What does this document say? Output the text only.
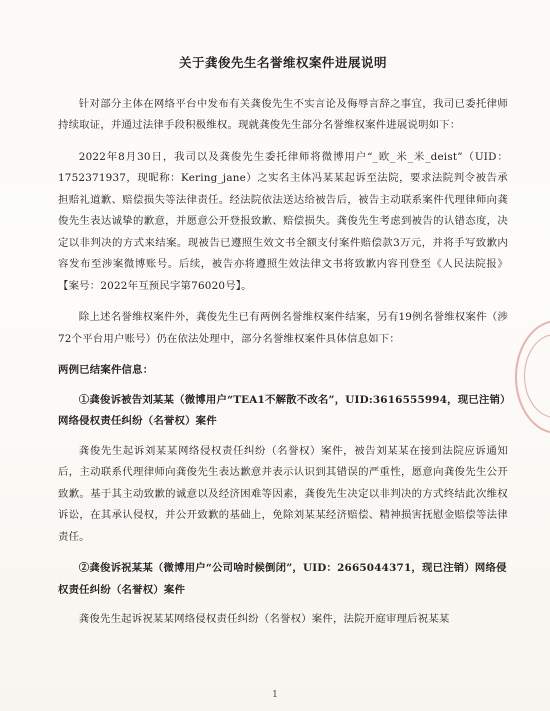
关于龚俊先生名誉维权案件进展说明

针对部分主体在网络平台中发布有关龚俊先生不实言论及侮辱言辞之事宜，我司已委托律师持续取证，并通过法律手段积极维权。现就龚俊先生部分名誉维权案件进展说明如下：

2022年8月30日，我司以及龚俊先生委托律师将微博用户“_欧_米_米_deist”（UID：1752371937，现昵称：Kering_jane）之实名主体冯某某起诉至法院，要求法院判令被告承担赔礼道歉、赔偿损失等法律责任。经法院依法送达给被告后，被告主动联系案件代理律师向龚俊先生表达诚挚的歉意，并愿意公开登报致歉、赔偿损失。龚俊先生考虑到被告的认错态度，决定以非判决的方式来结案。现被告已遵照生效文书全额支付案件赔偿款3万元，并将手写致歉内容发布至涉案微博账号。后续，被告亦将遵照生效法律文书将致歉内容刊登至《人民法院报》【案号：2022年互预民字第76020号】。

除上述名誉维权案件外，龚俊先生已有两例名誉维权案件结案，另有19例名誉维权案件（涉72个平台用户账号）仍在依法处理中，部分名誉维权案件具体信息如下：

两例已结案件信息：
①龚俊诉被告刘某某（微博用户“TEA1不解散不改名”，UID:3616555994，现已注销）网络侵权责任纠纷（名誉权）案件

龚俊先生起诉刘某某网络侵权责任纠纷（名誉权）案件，被告刘某某在接到法院应诉通知后，主动联系代理律师向龚俊先生表达歉意并表示认识到其错误的严重性，愿意向龚俊先生公开致歉。基于其主动致歉的诚意以及经济困难等因素，龚俊先生决定以非判决的方式终结此次维权诉讼，在其承认侵权，并公开致歉的基础上，免除刘某某经济赔偿、精神损害抚慰金赔偿等法律责任。

②龚俊诉祝某某（微博用户“公司啥时候倒闭”，UID：2665044371，现已注销）网络侵权责任纠纷（名誉权）案件

龚俊先生起诉祝某某网络侵权责任纠纷（名誉权）案件，法院开庭审理后祝某某

1
